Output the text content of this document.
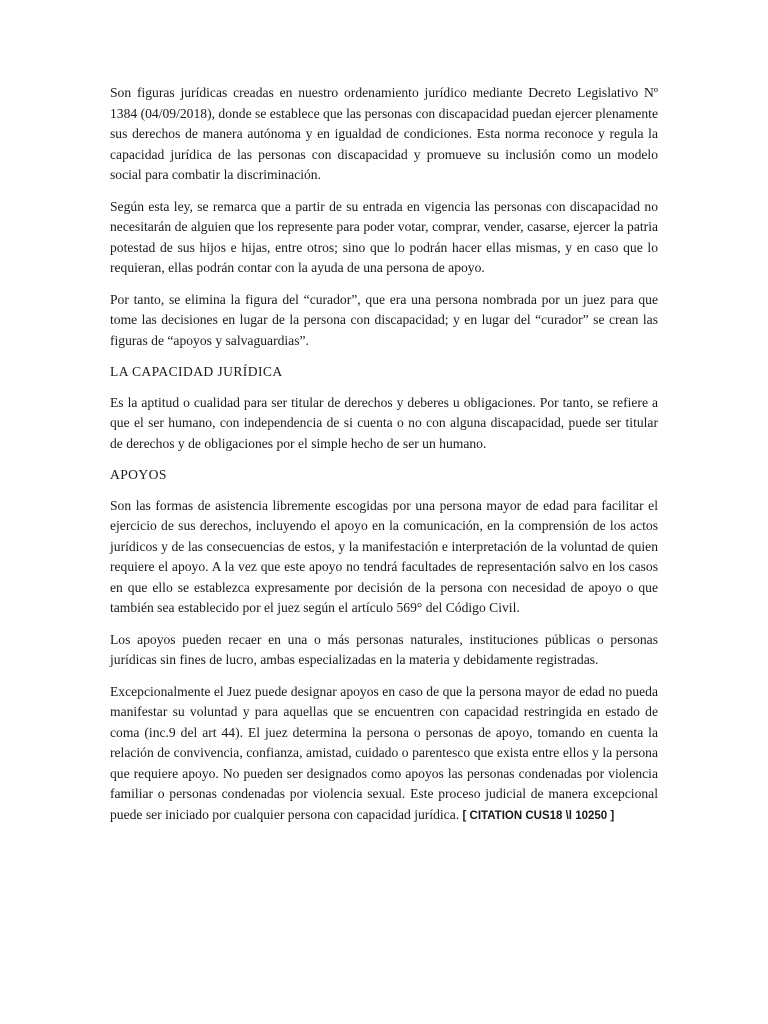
Son figuras jurídicas creadas en nuestro ordenamiento jurídico mediante Decreto Legislativo Nº 1384 (04/09/2018), donde se establece que las personas con discapacidad puedan ejercer plenamente sus derechos de manera autónoma y en igualdad de condiciones. Esta norma reconoce y regula la capacidad jurídica de las personas con discapacidad y promueve su inclusión como un modelo social para combatir la discriminación.

Según esta ley, se remarca que a partir de su entrada en vigencia las personas con discapacidad no necesitarán de alguien que los represente para poder votar, comprar, vender, casarse, ejercer la patria potestad de sus hijos e hijas, entre otros; sino que lo podrán hacer ellas mismas, y en caso que lo requieran, ellas podrán contar con la ayuda de una persona de apoyo.

Por tanto, se elimina la figura del “curador”, que era una persona nombrada por un juez para que tome las decisiones en lugar de la persona con discapacidad; y en lugar del “curador” se crean las figuras de “apoyos y salvaguardias”.

LA CAPACIDAD JURÍDICA

Es la aptitud o cualidad para ser titular de derechos y deberes u obligaciones. Por tanto, se refiere a que el ser humano, con independencia de si cuenta o no con alguna discapacidad, puede ser titular de derechos y de obligaciones por el simple hecho de ser un humano.

APOYOS

Son las formas de asistencia libremente escogidas por una persona mayor de edad para facilitar el ejercicio de sus derechos, incluyendo el apoyo en la comunicación, en la comprensión de los actos jurídicos y de las consecuencias de estos, y la manifestación e interpretación de la voluntad de quien requiere el apoyo. A la vez que este apoyo no tendrá facultades de representación salvo en los casos en que ello se establezca expresamente por decisión de la persona con necesidad de apoyo o que también sea establecido por el juez según el artículo 569° del Código Civil.

Los apoyos pueden recaer en una o más personas naturales, instituciones públicas o personas jurídicas sin fines de lucro, ambas especializadas en la materia y debidamente registradas.

Excepcionalmente el Juez puede designar apoyos en caso de que la persona mayor de edad no pueda manifestar su voluntad y para aquellas que se encuentren con capacidad restringida en estado de coma (inc.9 del art 44). El juez determina la persona o personas de apoyo, tomando en cuenta la relación de convivencia, confianza, amistad, cuidado o parentesco que exista entre ellos y la persona que requiere apoyo. No pueden ser designados como apoyos las personas condenadas por violencia familiar o personas condenadas por violencia sexual. Este proceso judicial de manera excepcional puede ser iniciado por cualquier persona con capacidad jurídica. [ CITATION CUS18 \l 10250 ]
